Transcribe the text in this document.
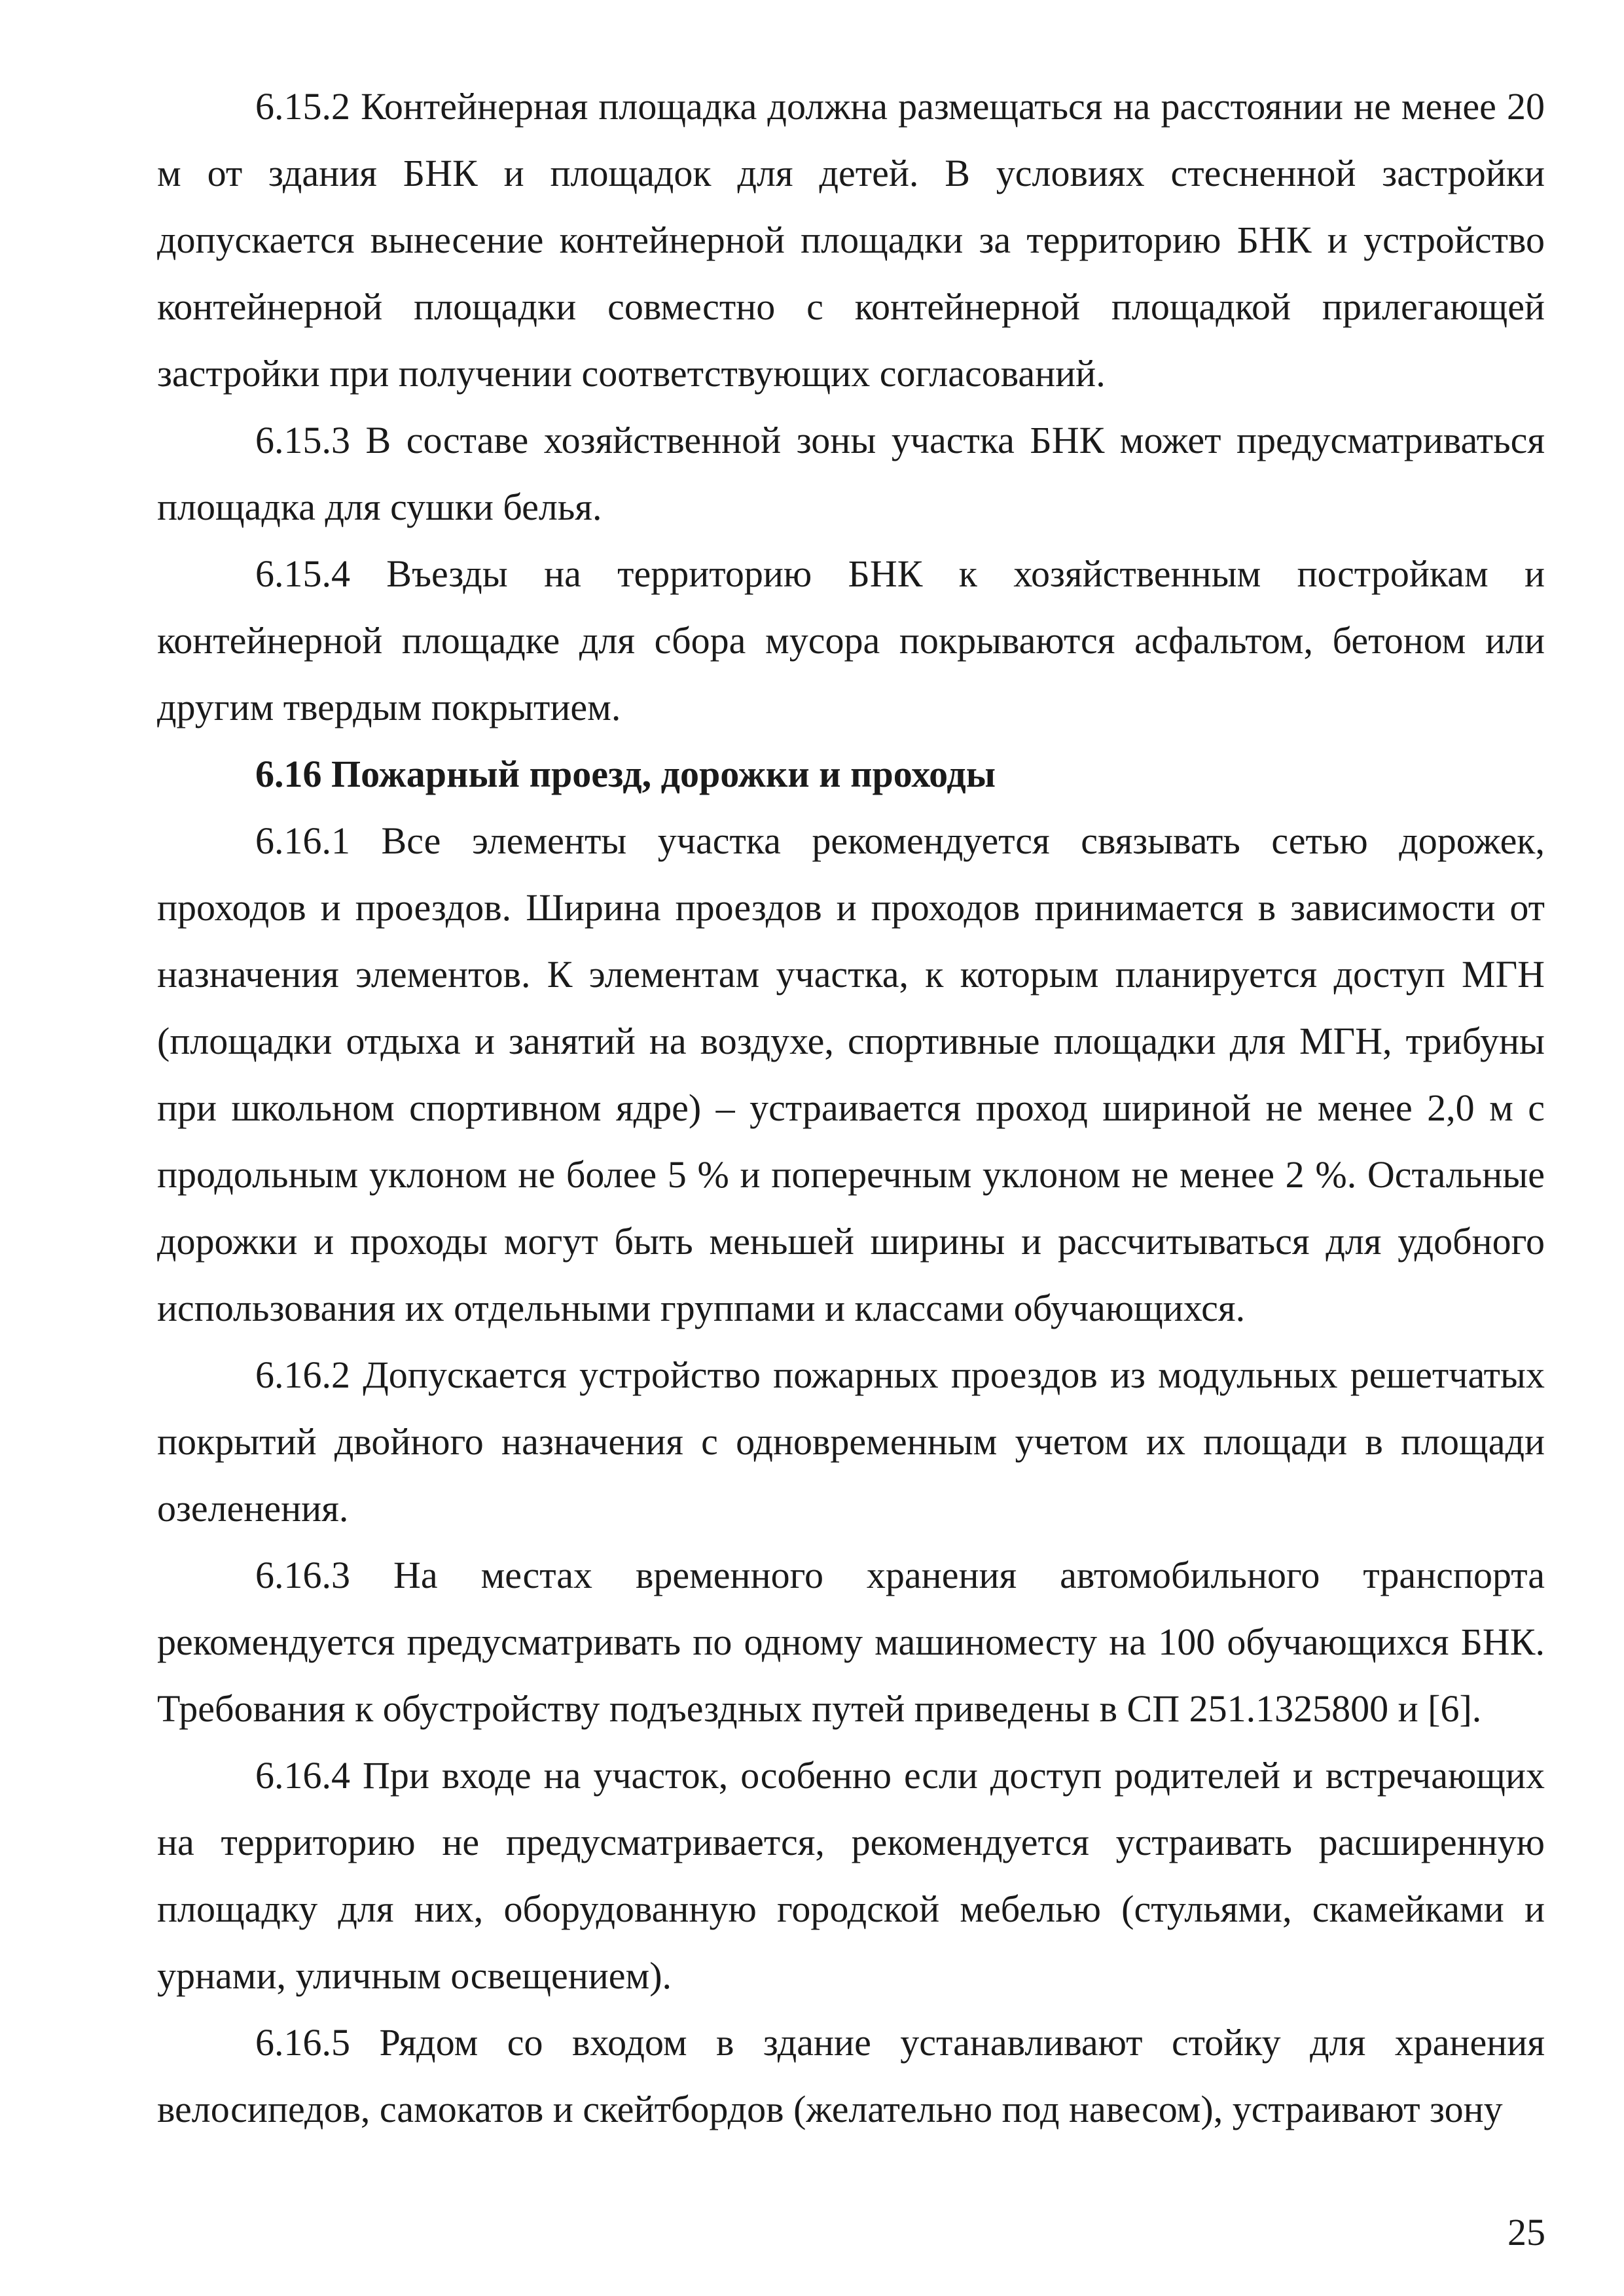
6.15.2 Контейнерная площадка должна размещаться на расстоянии не менее 20 м от здания БНК и площадок для детей. В условиях стесненной застройки допускается вынесение контейнерной площадки за территорию БНК и устройство контейнерной площадки совместно с контейнерной площадкой прилегающей застройки при получении соответствующих согласований.

6.15.3 В составе хозяйственной зоны участка БНК может предусматриваться площадка для сушки белья.

6.15.4 Въезды на территорию БНК к хозяйственным постройкам и контейнерной площадке для сбора мусора покрываются асфальтом, бетоном или другим твердым покрытием.

6.16 Пожарный проезд, дорожки и проходы

6.16.1 Все элементы участка рекомендуется связывать сетью дорожек, проходов и проездов. Ширина проездов и проходов принимается в зависимости от назначения элементов. К элементам участка, к которым планируется доступ МГН (площадки отдыха и занятий на воздухе, спортивные площадки для МГН, трибуны при школьном спортивном ядре) – устраивается проход шириной не менее 2,0 м с продольным уклоном не более 5 % и поперечным уклоном не менее 2 %. Остальные дорожки и проходы могут быть меньшей ширины и рассчитываться для удобного использования их отдельными группами и классами обучающихся.

6.16.2 Допускается устройство пожарных проездов из модульных решетчатых покрытий двойного назначения с одновременным учетом их площади в площади озеленения.

6.16.3 На местах временного хранения автомобильного транспорта рекомендуется предусматривать по одному машиноместу на 100 обучающихся БНК. Требования к обустройству подъездных путей приведены в СП 251.1325800 и [6].

6.16.4 При входе на участок, особенно если доступ родителей и встречающих на территорию не предусматривается, рекомендуется устраивать расширенную площадку для них, оборудованную городской мебелью (стульями, скамейками и урнами, уличным освещением).

6.16.5 Рядом со входом в здание устанавливают стойку для хранения велосипедов, самокатов и скейтбордов (желательно под навесом), устраивают зону

25
